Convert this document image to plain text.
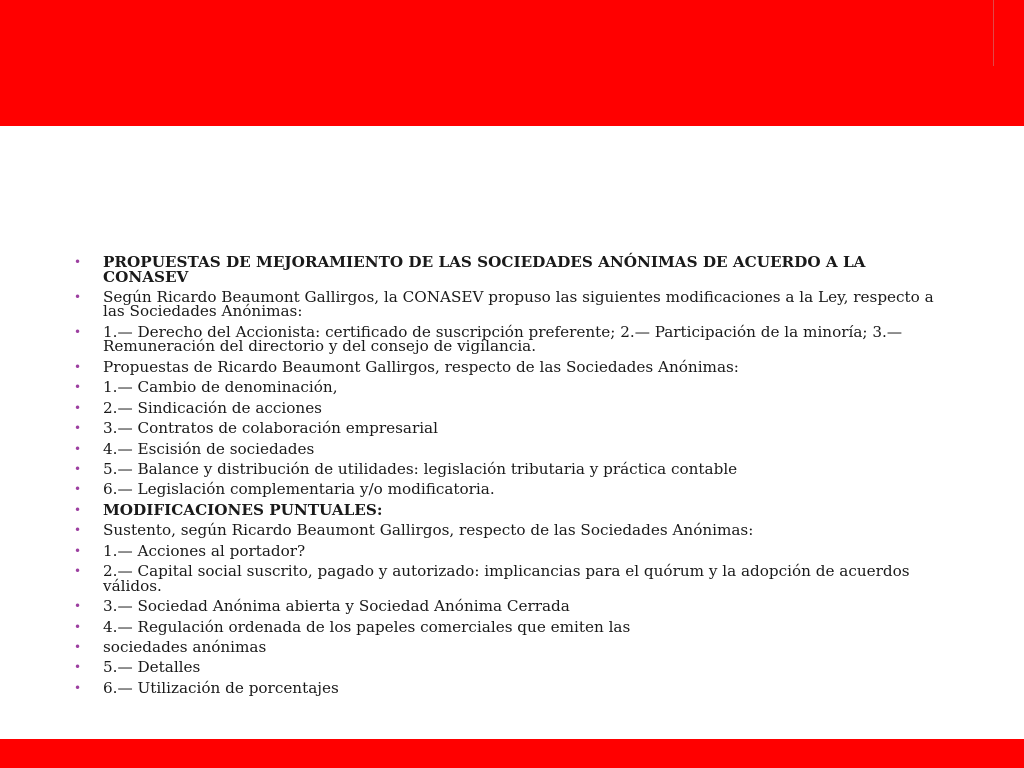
• PROPUESTAS DE MEJORAMIENTO DE LAS SOCIEDADES ANÓNIMAS DE ACUERDO A LA CONASEV
• Según Ricardo Beaumont Gallirgos, la CONASEV propuso las siguientes modificaciones a la Ley, respecto a las Sociedades Anónimas:
• 1.— Derecho del Accionista: certificado de suscripción preferente; 2.— Participación de la minoría; 3.— Remuneración del directorio y del consejo de vigilancia.
• Propuestas de Ricardo Beaumont Gallirgos, respecto de las Sociedades Anónimas:
• 1.— Cambio de denominación,
• 2.— Sindicación de acciones
• 3.— Contratos de colaboración empresarial
• 4.— Escisión de sociedades
• 5.— Balance y distribución de utilidades: legislación tributaria y práctica contable
• 6.— Legislación complementaria y/o modificatoria.
• MODIFICACIONES PUNTUALES:
• Sustento, según Ricardo Beaumont Gallirgos, respecto de las Sociedades Anónimas:
• 1.— Acciones al portador?
• 2.— Capital social suscrito, pagado y autorizado: implicancias para el quórum y la adopción de acuerdos válidos.
• 3.— Sociedad Anónima abierta y Sociedad Anónima Cerrada
• 4.— Regulación ordenada de los papeles comerciales que emiten las
• sociedades anónimas
• 5.— Detalles
• 6.— Utilización de porcentajes
